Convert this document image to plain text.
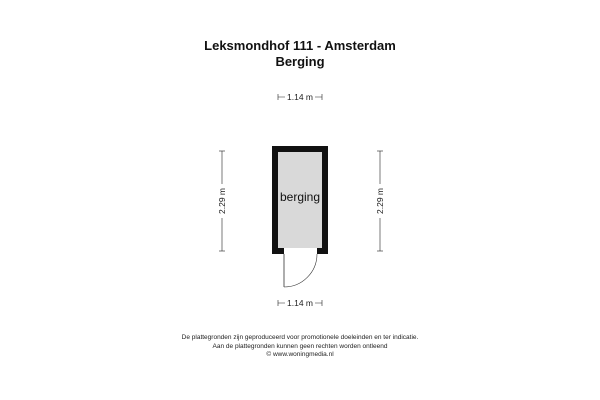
Leksmondhof 111 - Amsterdam
Berging
1.14 m
2.29 m	2.29 m
berging
1.14 m
De plattegronden zijn geproduceerd voor promotionele doeleinden en ter indicatie.
Aan de plattegronden kunnen geen rechten worden ontleend
© www.woningmedia.nl
